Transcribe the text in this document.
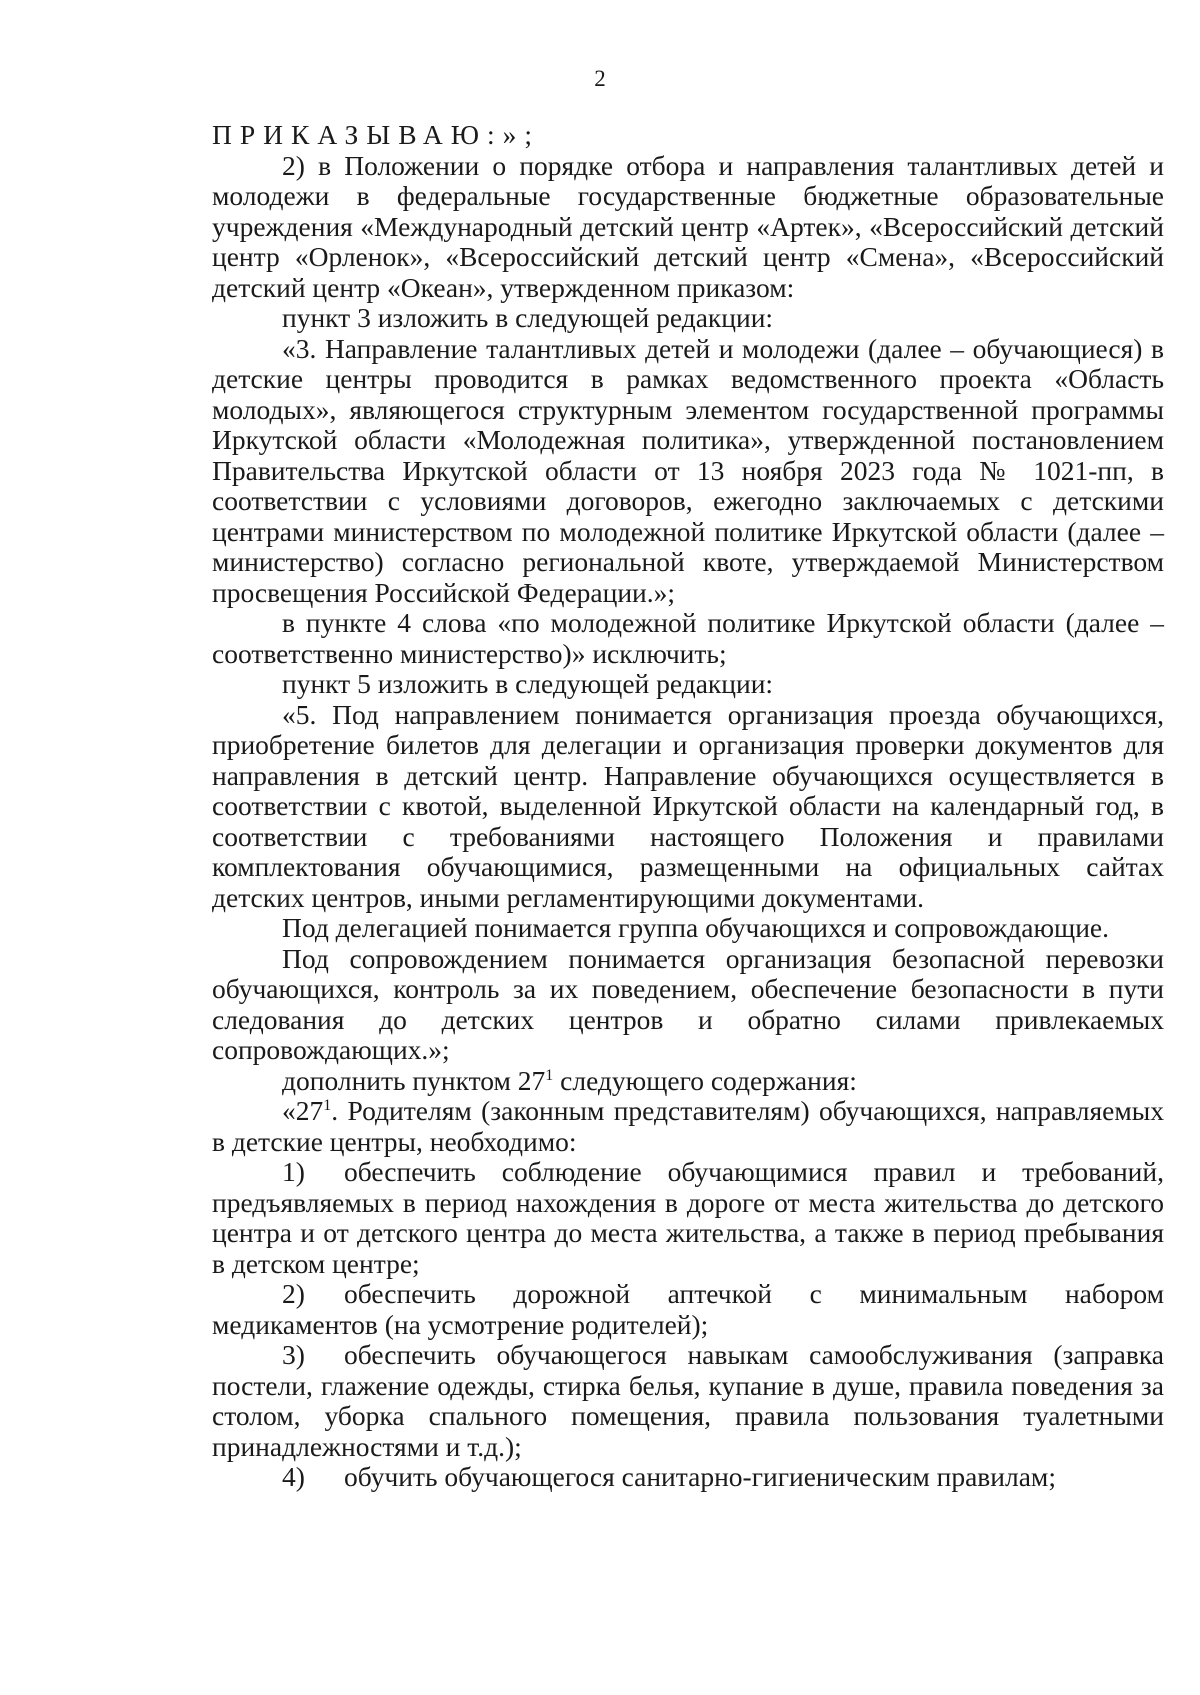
2

ПРИКАЗЫВАЮ:»;

2) в Положении о порядке отбора и направления талантливых детей и молодежи в федеральные государственные бюджетные образовательные учреждения «Международный детский центр «Артек», «Всероссийский детский центр «Орленок», «Всероссийский детский центр «Смена», «Всероссийский детский центр «Океан», утвержденном приказом:

пункт 3 изложить в следующей редакции:

«3. Направление талантливых детей и молодежи (далее – обучающиеся) в детские центры проводится в рамках ведомственного проекта «Область молодых», являющегося структурным элементом государственной программы Иркутской области «Молодежная политика», утвержденной постановлением Правительства Иркутской области от 13 ноября 2023 года № 1021-пп, в соответствии с условиями договоров, ежегодно заключаемых с детскими центрами министерством по молодежной политике Иркутской области (далее – министерство) согласно региональной квоте, утверждаемой Министерством просвещения Российской Федерации.»;

в пункте 4 слова «по молодежной политике Иркутской области (далее – соответственно министерство)» исключить;

пункт 5 изложить в следующей редакции:

«5. Под направлением понимается организация проезда обучающихся, приобретение билетов для делегации и организация проверки документов для направления в детский центр. Направление обучающихся осуществляется в соответствии с квотой, выделенной Иркутской области на календарный год, в соответствии с требованиями настоящего Положения и правилами комплектования обучающимися, размещенными на официальных сайтах детских центров, иными регламентирующими документами.

Под делегацией понимается группа обучающихся и сопровождающие.

Под сопровождением понимается организация безопасной перевозки обучающихся, контроль за их поведением, обеспечение безопасности в пути следования до детских центров и обратно силами привлекаемых сопровождающих.»;

дополнить пунктом $27^1$ следующего содержания:

«$27^1$. Родителям (законным представителям) обучающихся, направляемых в детские центры, необходимо:

1) обеспечить соблюдение обучающимися правил и требований, предъявляемых в период нахождения в дороге от места жительства до детского центра и от детского центра до места жительства, а также в период пребывания в детском центре;

2) обеспечить дорожной аптечкой с минимальным набором медикаментов (на усмотрение родителей);

3) обеспечить обучающегося навыкам самообслуживания (заправка постели, глажение одежды, стирка белья, купание в душе, правила поведения за столом, уборка спального помещения, правила пользования туалетными принадлежностями и т.д.);

4) обучить обучающегося санитарно-гигиеническим правилам;
